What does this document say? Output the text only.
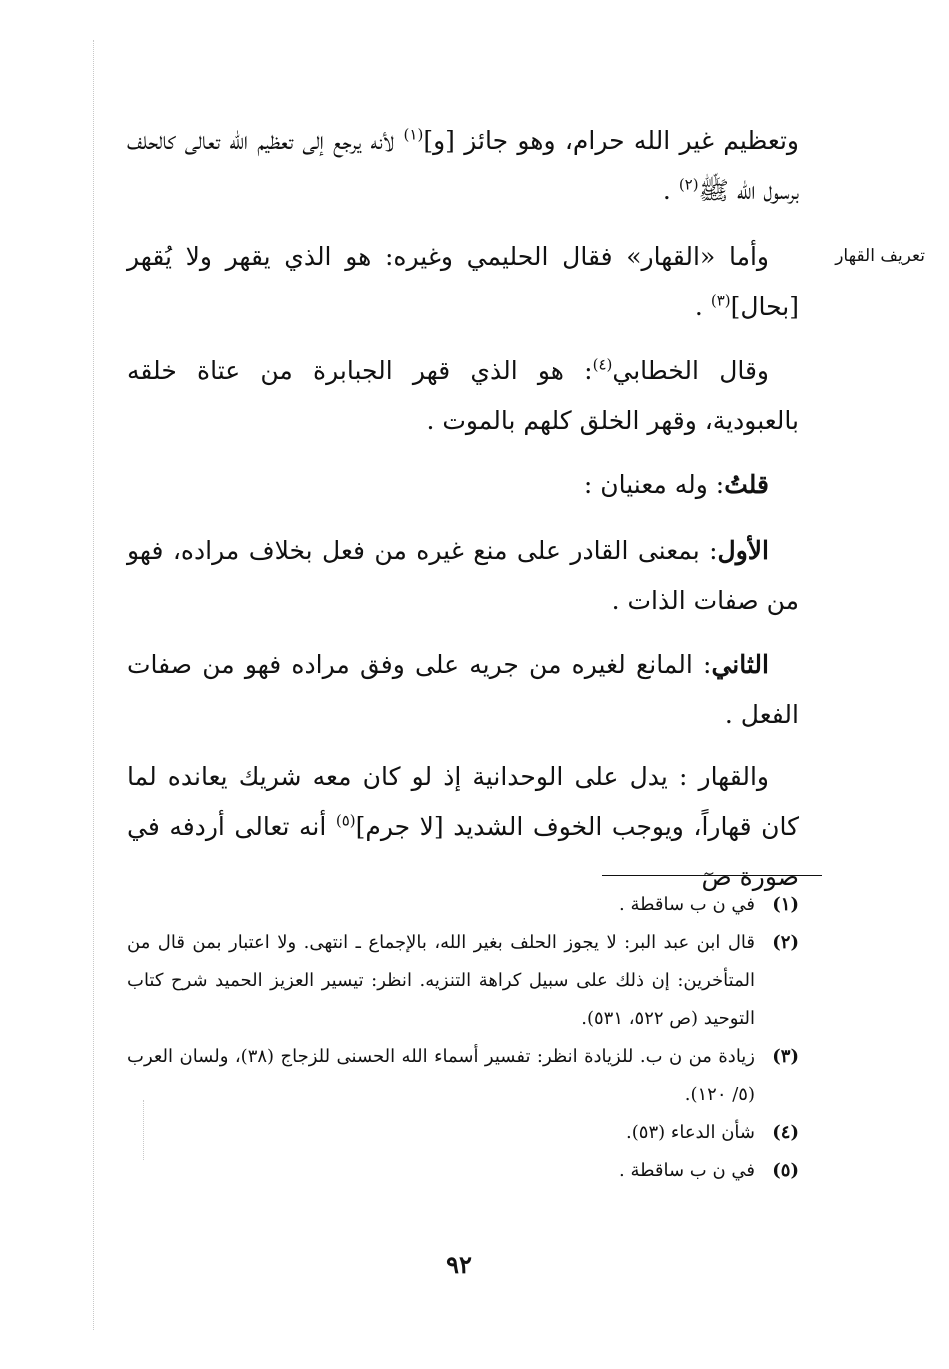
تعريف القهار

وتعظيم غير الله حرام، وهو جائز [و]$^{(١)}$ لأنه يرجع إلى تعظيم الله تعالى كالحلف برسول الله ﷺ$^{(٢)}$ .

وأما «القهار» فقال الحليمي وغيره: هو الذي يقهر ولا يُقهر [بحال]$^{(٣)}$ .

وقال الخطابي$^{(٤)}$: هو الذي قهر الجبابرة من عتاة خلقه بالعبودية، وقهر الخلق كلهم بالموت .

قلتُ: وله معنيان :

الأول: بمعنى القادر على منع غيره من فعل بخلاف مراده، فهو من صفات الذات .

الثاني: المانع لغيره من جريه على وفق مراده فهو من صفات الفعل .

والقهار : يدل على الوحدانية إذ لو كان معه شريك يعانده لما كان قهاراً، ويوجب الخوف الشديد [لا جرم]$^{(٥)}$ أنه تعالى أردفه في صورة صٓ

(١)
في ن ب ساقطة .
(٢)
قال ابن عبد البر: لا يجوز الحلف بغير الله، بالإجماع ـ انتهى. ولا اعتبار بمن قال من المتأخرين: إن ذلك على سبيل كراهة التنزيه. انظر: تيسير العزيز الحميد شرح كتاب التوحيد (ص ٥٢٢، ٥٣١).
(٣)
زيادة من ن ب. للزيادة انظر: تفسير أسماء الله الحسنى للزجاج (٣٨)، ولسان العرب (٥/ ١٢٠).
(٤)
شأن الدعاء (٥٣).
(٥)
في ن ب ساقطة .
٩٢
